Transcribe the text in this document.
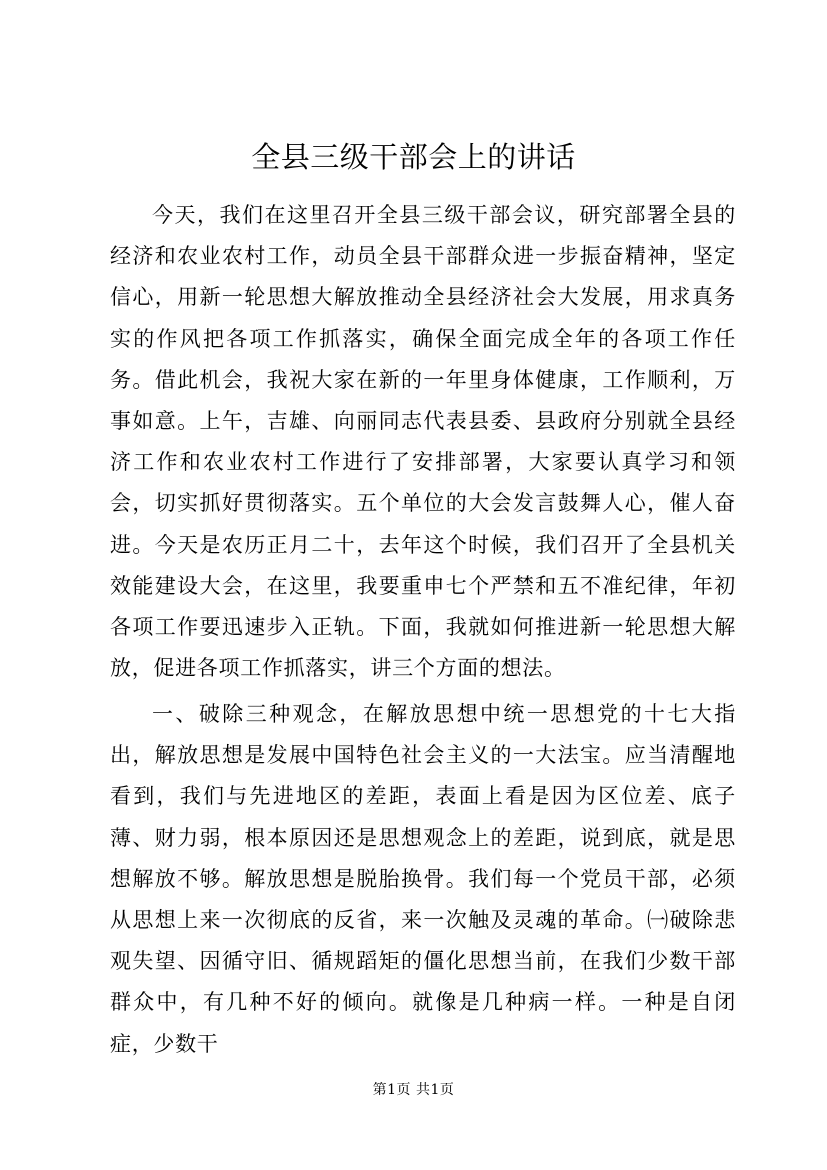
全县三级干部会上的讲话

今天，我们在这里召开全县三级干部会议，研究部署全县的经济和农业农村工作，动员全县干部群众进一步振奋精神，坚定信心，用新一轮思想大解放推动全县经济社会大发展，用求真务实的作风把各项工作抓落实，确保全面完成全年的各项工作任务。借此机会，我祝大家在新的一年里身体健康，工作顺利，万事如意。上午，吉雄、向丽同志代表县委、县政府分别就全县经济工作和农业农村工作进行了安排部署，大家要认真学习和领会，切实抓好贯彻落实。五个单位的大会发言鼓舞人心，催人奋进。今天是农历正月二十，去年这个时候，我们召开了全县机关效能建设大会，在这里，我要重申七个严禁和五不准纪律，年初各项工作要迅速步入正轨。下面，我就如何推进新一轮思想大解放，促进各项工作抓落实，讲三个方面的想法。

一、破除三种观念，在解放思想中统一思想党的十七大指出，解放思想是发展中国特色社会主义的一大法宝。应当清醒地看到，我们与先进地区的差距，表面上看是因为区位差、底子薄、财力弱，根本原因还是思想观念上的差距，说到底，就是思想解放不够。解放思想是脱胎换骨。我们每一个党员干部，必须从思想上来一次彻底的反省，来一次触及灵魂的革命。㈠破除悲观失望、因循守旧、循规蹈矩的僵化思想当前，在我们少数干部群众中，有几种不好的倾向。就像是几种病一样。一种是自闭症，少数干

第1页 共1页
